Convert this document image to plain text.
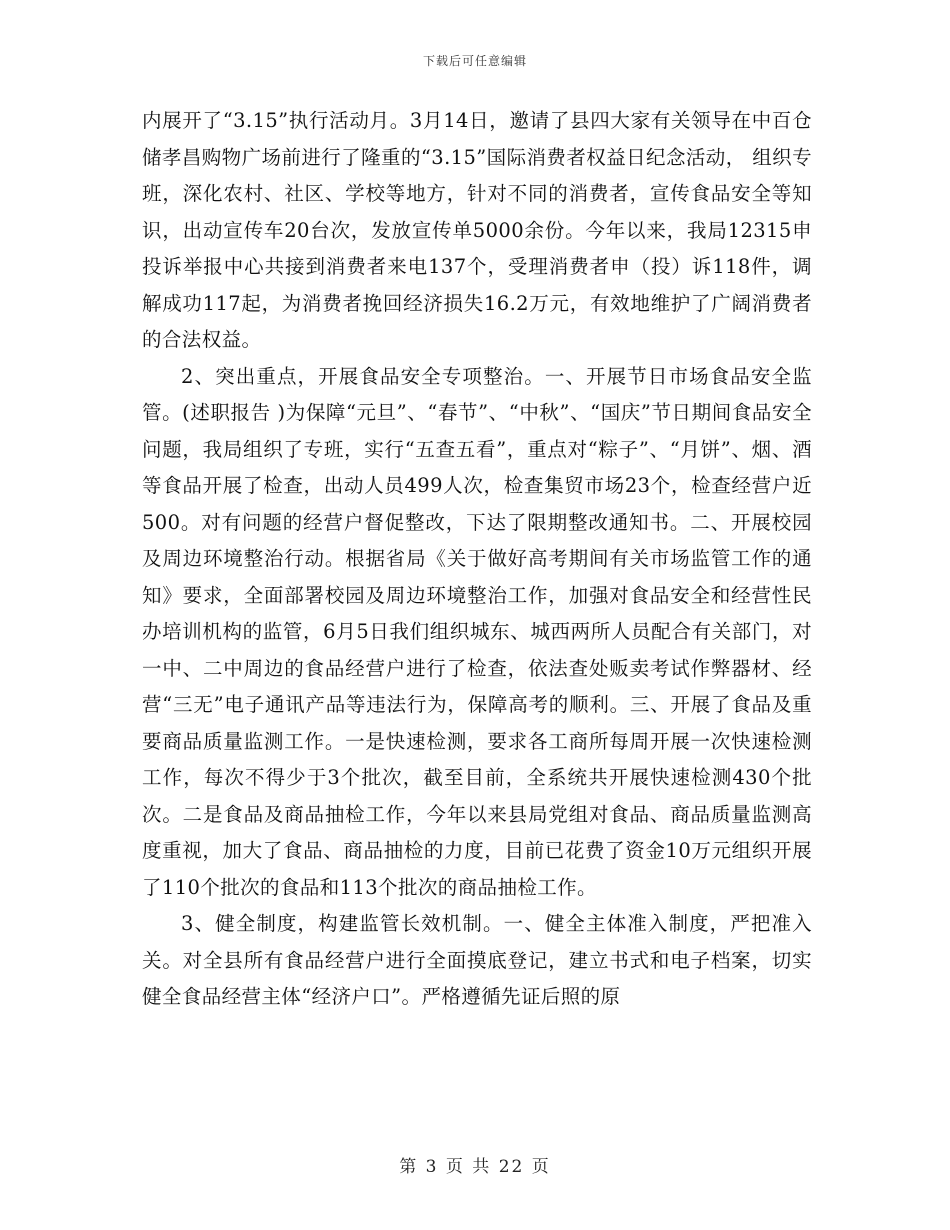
下载后可任意编辑

内展开了“3.15”执行活动月。3月14日，邀请了县四大家有关领导在中百仓储孝昌购物广场前进行了隆重的“3.15”国际消费者权益日纪念活动， 组织专班，深化农村、社区、学校等地方，针对不同的消费者，宣传食品安全等知识，出动宣传车20台次，发放宣传单5000余份。今年以来，我局12315申投诉举报中心共接到消费者来电137个，受理消费者申（投）诉118件，调解成功117起，为消费者挽回经济损失16.2万元，有效地维护了广阔消费者的合法权益。

2、突出重点，开展食品安全专项整治。一、开展节日市场食品安全监管。(述职报告 )为保障“元旦”、“春节”、“中秋”、“国庆”节日期间食品安全问题，我局组织了专班，实行“五查五看”，重点对“粽子”、“月饼”、烟、酒等食品开展了检查，出动人员499人次，检查集贸市场23个，检查经营户近500。对有问题的经营户督促整改，下达了限期整改通知书。二、开展校园及周边环境整治行动。根据省局《关于做好高考期间有关市场监管工作的通知》要求，全面部署校园及周边环境整治工作，加强对食品安全和经营性民办培训机构的监管，6月5日我们组织城东、城西两所人员配合有关部门，对一中、二中周边的食品经营户进行了检查，依法查处贩卖考试作弊器材、经营“三无”电子通讯产品等违法行为，保障高考的顺利。三、开展了食品及重要商品质量监测工作。一是快速检测，要求各工商所每周开展一次快速检测工作，每次不得少于3个批次，截至目前，全系统共开展快速检测430个批次。二是食品及商品抽检工作，今年以来县局党组对食品、商品质量监测高度重视，加大了食品、商品抽检的力度，目前已花费了资金10万元组织开展了110个批次的食品和113个批次的商品抽检工作。

3、健全制度，构建监管长效机制。一、健全主体准入制度，严把准入关。对全县所有食品经营户进行全面摸底登记，建立书式和电子档案，切实健全食品经营主体“经济户口”。严格遵循先证后照的原

第 3 页 共 22 页
